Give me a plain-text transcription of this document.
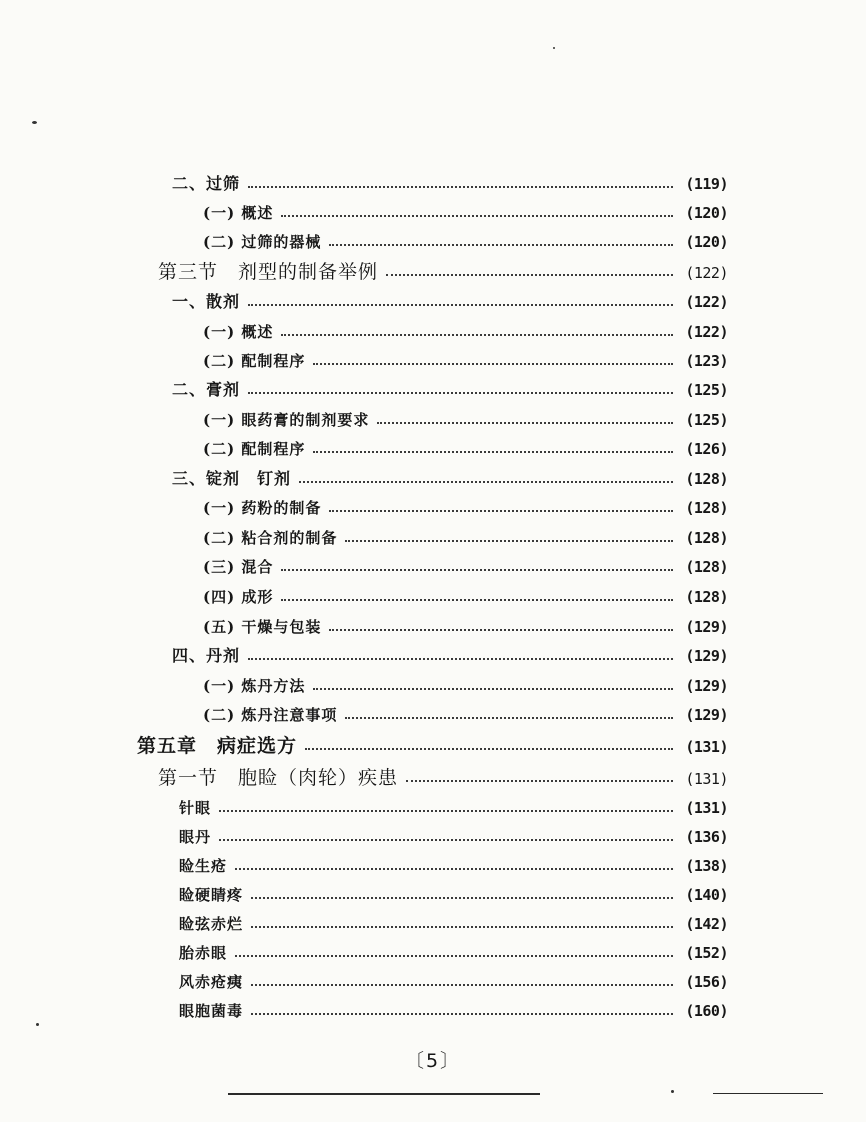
二、过筛	(119)
(一) 概述	(120)
(二) 过筛的器械	(120)
第三节　剂型的制备举例	(122)
一、散剂	(122)
(一) 概述	(122)
(二) 配制程序	(123)
二、膏剂	(125)
(一) 眼药膏的制剂要求	(125)
(二) 配制程序	(126)
三、锭剂　钉剂	(128)
(一) 药粉的制备	(128)
(二) 粘合剂的制备	(128)
(三) 混合	(128)
(四) 成形	(128)
(五) 干燥与包装	(129)
四、丹剂	(129)
(一) 炼丹方法	(129)
(二) 炼丹注意事项	(129)
第五章　病症选方	(131)
第一节　胞睑（肉轮）疾患	(131)
针眼	(131)
眼丹	(136)
睑生疮	(138)
睑硬睛疼	(140)
睑弦赤烂	(142)
胎赤眼	(152)
风赤疮痍	(156)
眼胞菌毒	(160)
〔5〕
